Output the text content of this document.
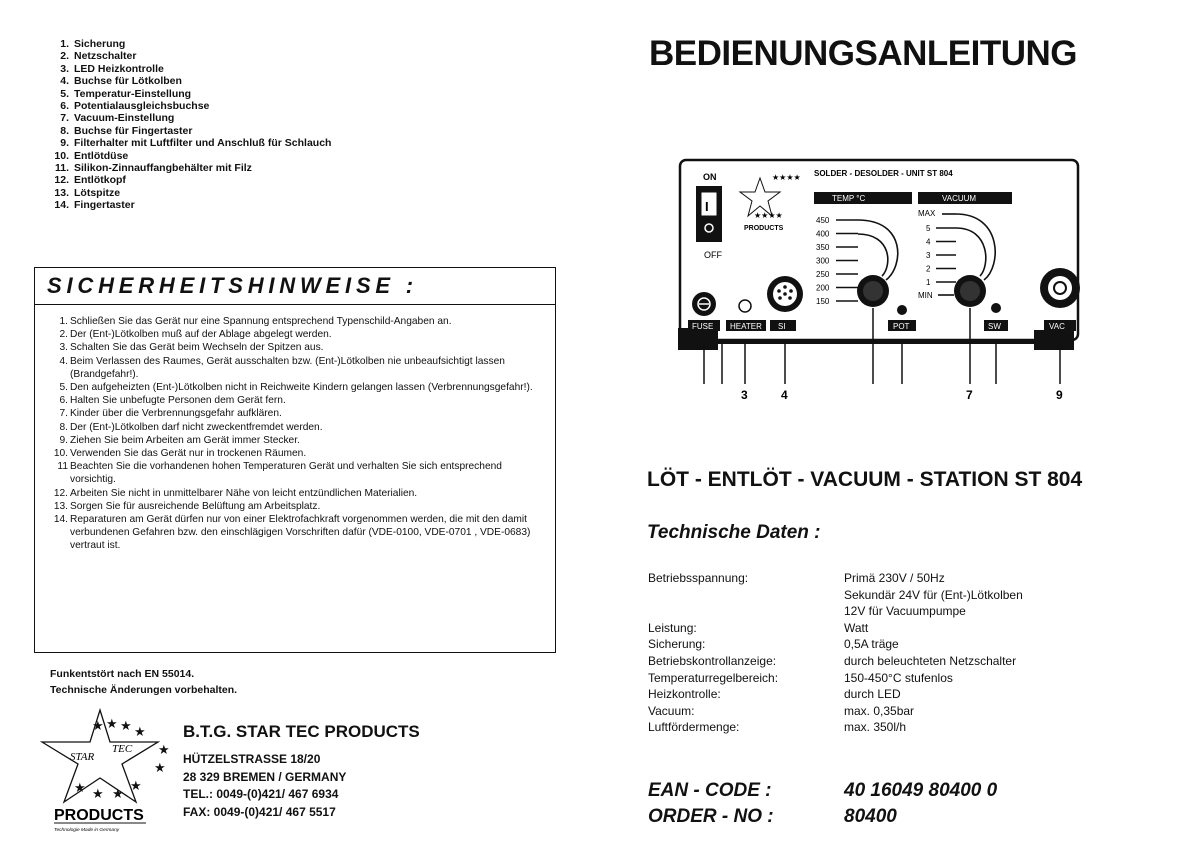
1. Sicherung
2. Netzschalter
3. LED Heizkontrolle
4. Buchse für Lötkolben
5. Temperatur-Einstellung
6. Potentialausgleichsbuchse
7. Vacuum-Einstellung
8. Buchse für Fingertaster
9. Filterhalter mit Luftfilter und Anschluß für Schlauch
10. Entlötdüse
11. Silikon-Zinnauffangbehälter mit Filz
12. Entlötkopf
13. Lötspitze
14. Fingertaster
SICHERHEITSHINWEISE :
1. Schließen Sie das Gerät nur eine Spannung entsprechend Typenschild-Angaben an.
2. Der (Ent-)Lötkolben muß auf der Ablage abgelegt werden.
3. Schalten Sie das Gerät beim Wechseln der Spitzen aus.
4. Beim Verlassen des Raumes, Gerät ausschalten bzw. (Ent-)Lötkolben nie unbeaufsichtigt lassen (Brandgefahr!).
5. Den aufgeheizten (Ent-)Lötkolben nicht in Reichweite Kindern gelangen lassen (Verbrennungsgefahr!).
6. Halten Sie unbefugte Personen dem Gerät fern.
7. Kinder über die Verbrennungsgefahr aufklären.
8. Der (Ent-)Lötkolben darf nicht zweckentfremdet werden.
9. Ziehen Sie beim Arbeiten am Gerät immer Stecker.
10. Verwenden Sie das Gerät nur in trockenen Räumen.
11 Beachten Sie die vorhandenen hohen Temperaturen Gerät und verhalten Sie sich entsprechend vorsichtig.
12. Arbeiten Sie nicht in unmittelbarer Nähe von leicht entzündlichen Materialien.
13. Sorgen Sie für ausreichende Belüftung am Arbeitsplatz.
14. Reparaturen am Gerät dürfen nur von einer Elektrofachkraft vorgenommen werden, die mit den damit verbundenen Gefahren bzw. den einschlägigen Vorschriften dafür (VDE-0100, VDE-0701 , VDE-0683) vertraut ist.
Funkentstört nach EN 55014.
Technische Änderungen vorbehalten.
STAR
TEC
★ ★ ★ ★
★
★
★
★
★
★
PRODUCTS
Technologie Made in Germany
B.T.G. STAR TEC PRODUCTS
HÜTZELSTRASSE 18/20
28 329 BREMEN / GERMANY
TEL.: 0049-(0)421/ 467 6934
FAX: 0049-(0)421/ 467 5517
BEDIENUNGSANLEITUNG
ON
I
OFF
PRODUCTS
★★★★
★★★★
SOLDER - DESOLDER - UNIT ST 804
TEMP °C	VACUUM
450
400
350
300
250
200
150
MAX
5
4
3
2
1
MIN
FUSE HEATER SI	POT	SW	VAC
3	4	7	9
LÖT - ENTLÖT - VACUUM - STATION ST 804
Technische Daten :
Betriebsspannung:	Primä 230V / 50Hz
Sekundär 24V für (Ent-)Lötkolben
12V für Vacuumpumpe
Leistung:	Watt
Sicherung:	0,5A träge
Betriebskontrollanzeige:	durch beleuchteten Netzschalter
Temperaturregelbereich:	150-450°C stufenlos
Heizkontrolle:	durch LED
Vacuum:	max. 0,35bar
Luftfördermenge:	max. 350l/h
EAN - CODE :	40 16049 80400 0
ORDER - NO :	80400
